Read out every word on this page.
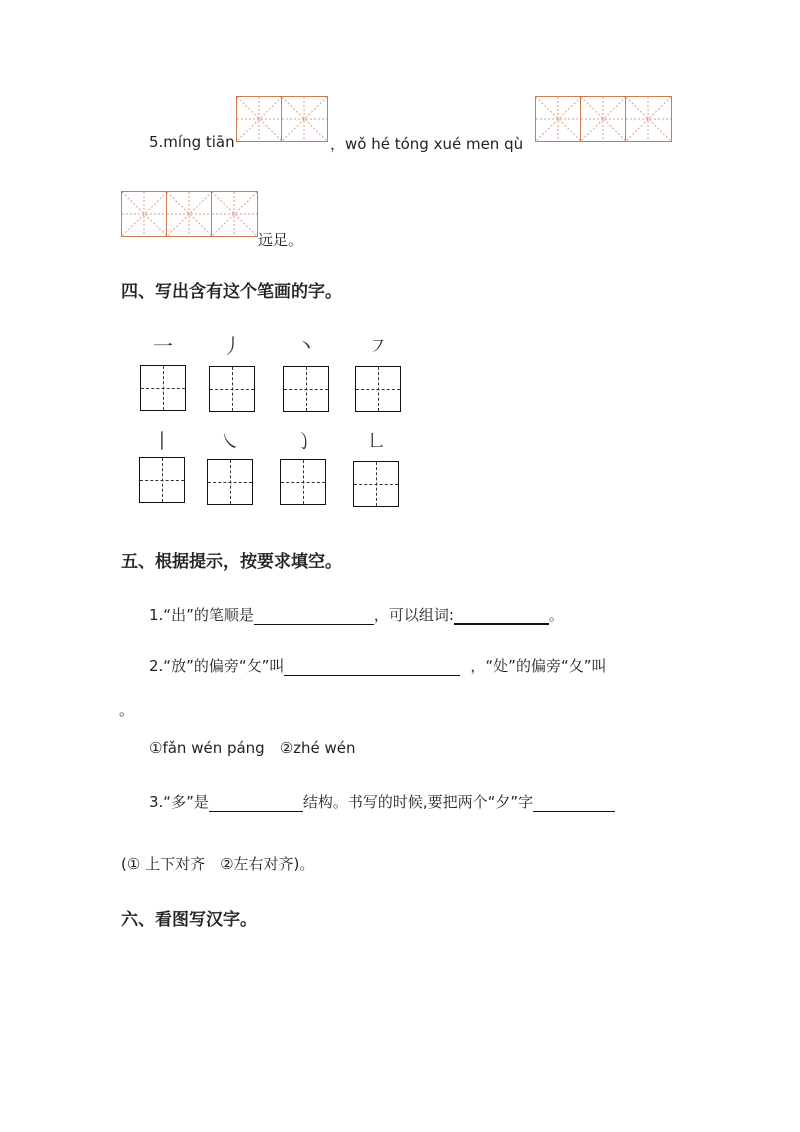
5.míng tiān	，wǒ hé tóng xué men qù
远足。
四、写出含有这个笔画的字。
一	丿	丶	㇇
丨	㇏	㇁	㇗
五、根据提示，按要求填空。
1.“出”的笔顺是	，可以组词:	。
2.“放”的偏旁“攵”叫	，“处”的偏旁“夂”叫
。
①fǎn wén páng　②zhé wén
3.“多”是	结构。书写的时候,要把两个“夕”字
(① 上下对齐　②左右对齐)。
六、看图写汉字。
